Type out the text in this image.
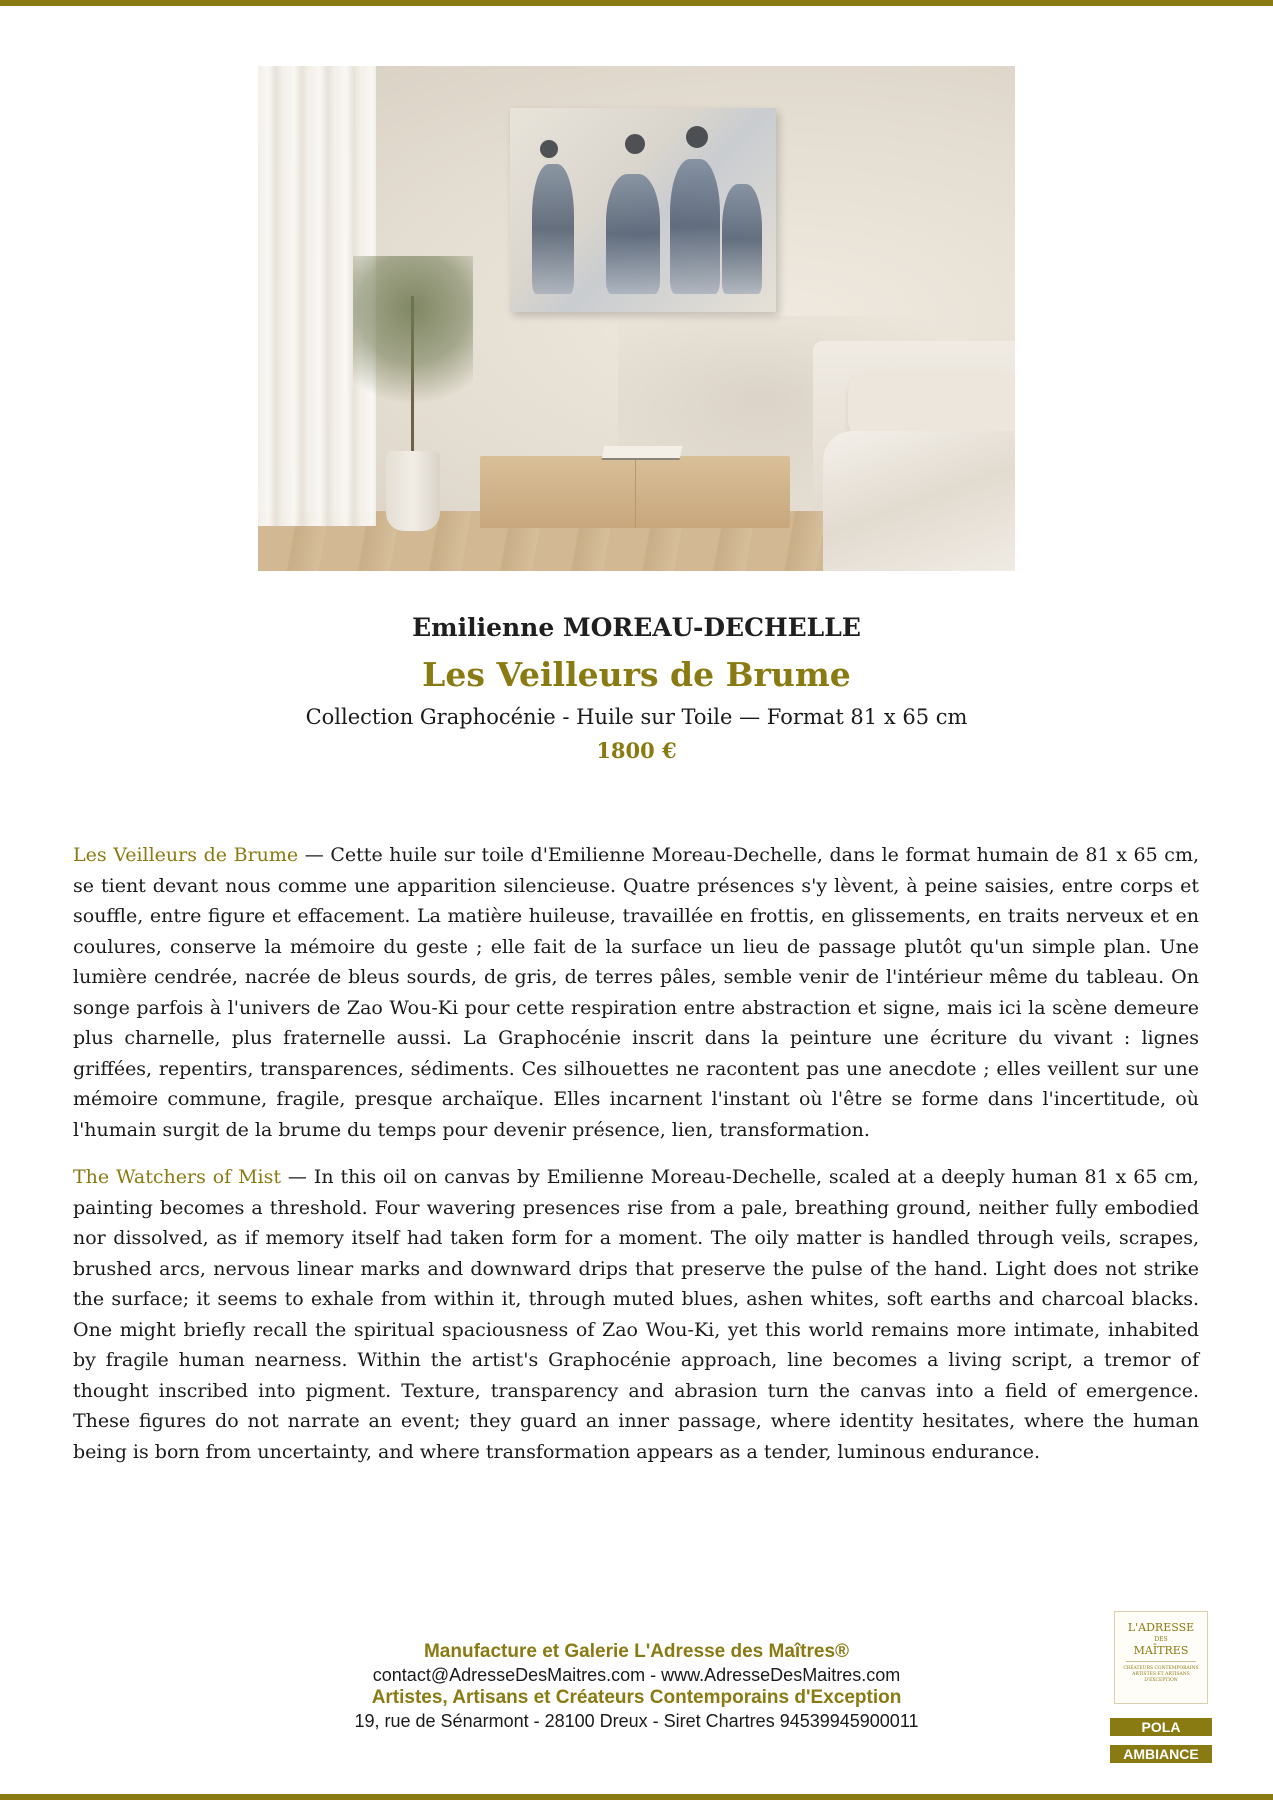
Emilienne MOREAU-DECHELLE
Les Veilleurs de Brume
Collection Graphocénie - Huile sur Toile — Format 81 x 65 cm
1800 €

Les Veilleurs de Brume — Cette huile sur toile d'Emilienne Moreau-Dechelle, dans le format humain de 81 x 65 cm, se tient devant nous comme une apparition silencieuse. Quatre présences s'y lèvent, à peine saisies, entre corps et souffle, entre figure et effacement. La matière huileuse, travaillée en frottis, en glissements, en traits nerveux et en coulures, conserve la mémoire du geste ; elle fait de la surface un lieu de passage plutôt qu'un simple plan. Une lumière cendrée, nacrée de bleus sourds, de gris, de terres pâles, semble venir de l'intérieur même du tableau. On songe parfois à l'univers de Zao Wou-Ki pour cette respiration entre abstraction et signe, mais ici la scène demeure plus charnelle, plus fraternelle aussi. La Graphocénie inscrit dans la peinture une écriture du vivant : lignes griffées, repentirs, transparences, sédiments. Ces silhouettes ne racontent pas une anecdote ; elles veillent sur une mémoire commune, fragile, presque archaïque. Elles incarnent l'instant où l'être se forme dans l'incertitude, où l'humain surgit de la brume du temps pour devenir présence, lien, transformation.

The Watchers of Mist — In this oil on canvas by Emilienne Moreau-Dechelle, scaled at a deeply human 81 x 65 cm, painting becomes a threshold. Four wavering presences rise from a pale, breathing ground, neither fully embodied nor dissolved, as if memory itself had taken form for a moment. The oily matter is handled through veils, scrapes, brushed arcs, nervous linear marks and downward drips that preserve the pulse of the hand. Light does not strike the surface; it seems to exhale from within it, through muted blues, ashen whites, soft earths and charcoal blacks. One might briefly recall the spiritual spaciousness of Zao Wou-Ki, yet this world remains more intimate, inhabited by fragile human nearness. Within the artist's Graphocénie approach, line becomes a living script, a tremor of thought inscribed into pigment. Texture, transparency and abrasion turn the canvas into a field of emergence. These figures do not narrate an event; they guard an inner passage, where identity hesitates, where the human being is born from uncertainty, and where transformation appears as a tender, luminous endurance.

Manufacture et Galerie L'Adresse des Maîtres®
contact@AdresseDesMaitres.com - www.AdresseDesMaitres.com
Artistes, Artisans et Créateurs Contemporains d'Exception
19, rue de Sénarmont - 28100 Dreux - Siret Chartres 94539945900011
L'ADRESSE
DES
MAÎTRES
CRÉATEURS CONTEMPORAINS ARTISTES ET ARTISANS D'EXCEPTION
POLA
AMBIANCE
